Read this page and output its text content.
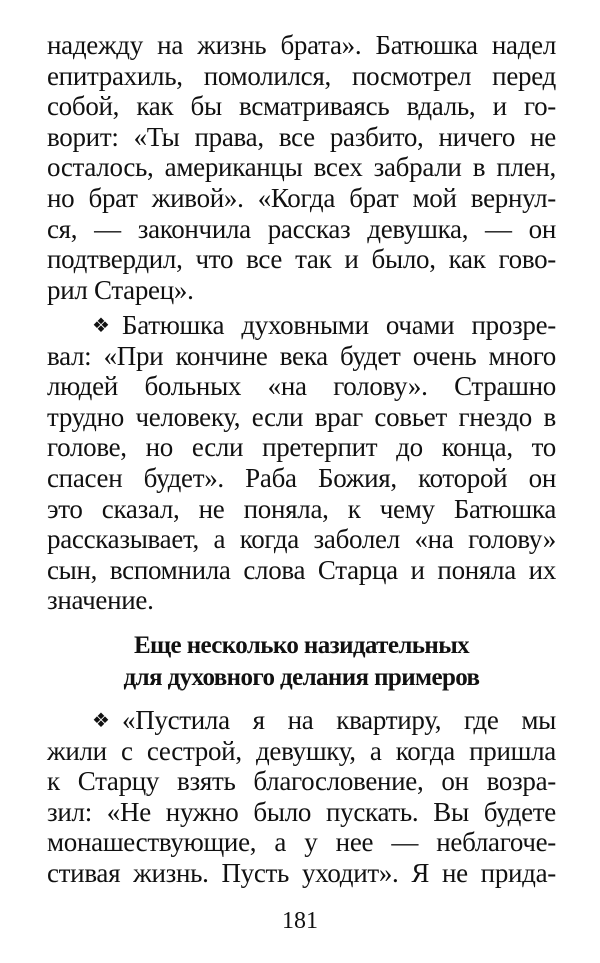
надежду на жизнь брата». Батюшка надел
епитрахиль, помолился, посмотрел перед
собой, как бы всматриваясь вдаль, и го-
ворит: «Ты права, все разбито, ничего не
осталось, американцы всех забрали в плен,
но брат живой». «Когда брат мой вернул-
ся, — закончила рассказ девушка, — он
подтвердил, что все так и было, как гово-
рил Старец».
❖ Батюшка духовными очами прозре-
вал: «При кончине века будет очень много
людей больных «на голову». Страшно
трудно человеку, если враг совьет гнездо в
голове, но если претерпит до конца, то
спасен будет». Раба Божия, которой он
это сказал, не поняла, к чему Батюшка
рассказывает, а когда заболел «на голову»
сын, вспомнила слова Старца и поняла их
значение.
Еще несколько назидательных
для духовного делания примеров
❖ «Пустила я на квартиру, где мы
жили с сестрой, девушку, а когда пришла
к Старцу взять благословение, он возра-
зил: «Не нужно было пускать. Вы будете
монашествующие, а у нее — неблагоче-
стивая жизнь. Пусть уходит». Я не прида-
181
